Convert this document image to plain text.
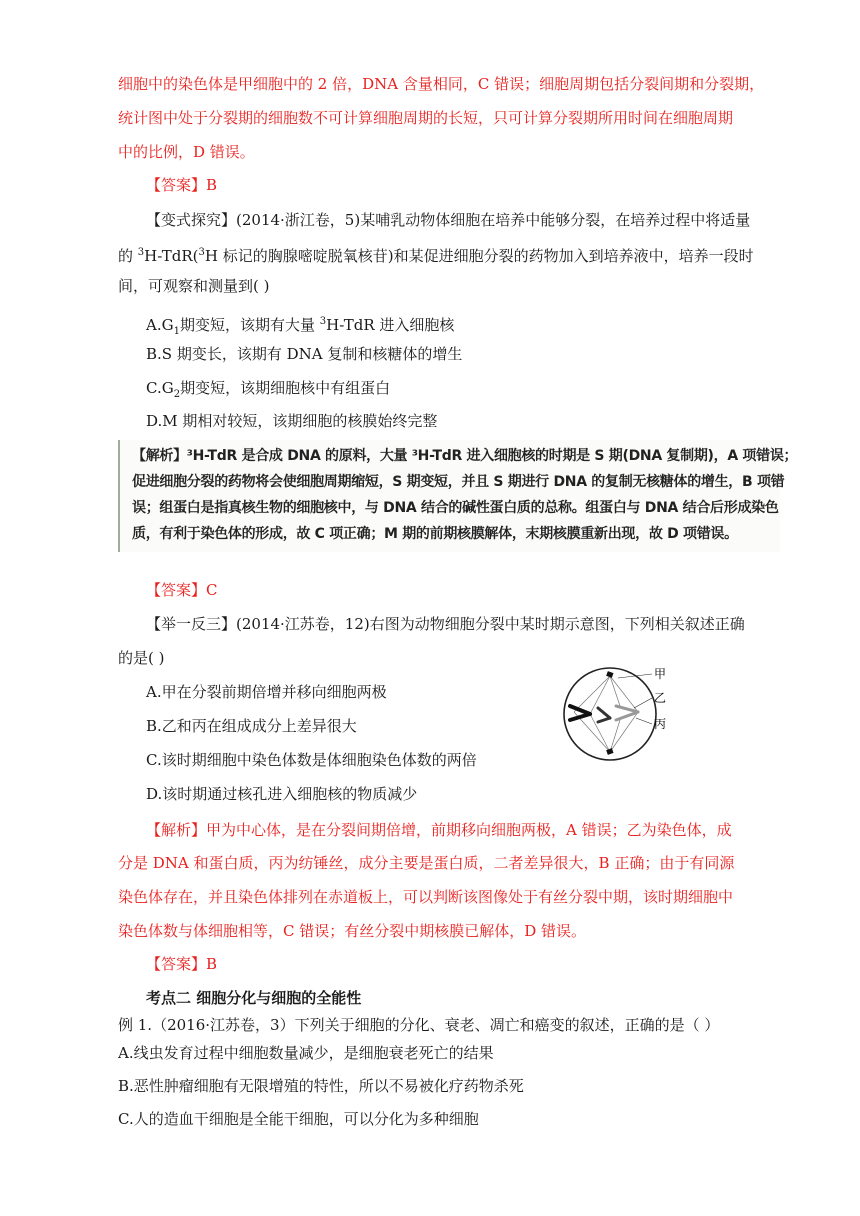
细胞中的染色体是甲细胞中的 2 倍，DNA 含量相同，C 错误；细胞周期包括分裂间期和分裂期，
统计图中处于分裂期的细胞数不可计算细胞周期的长短，只可计算分裂期所用时间在细胞周期
中的比例，D 错误。
【答案】B
【变式探究】(2014·浙江卷，5)某哺乳动物体细胞在培养中能够分裂，在培养过程中将适量
的 $^3$H-TdR($^3$H 标记的胸腺嘧啶脱氧核苷)和某促进细胞分裂的药物加入到培养液中，培养一段时
间，可观察和测量到( )
$A.G_1$期变短，该期有大量 $^3$H-TdR 进入细胞核
B.S 期变长，该期有 DNA 复制和核糖体的增生
$C.G_2$期变短，该期细胞核中有组蛋白
D.M 期相对较短，该期细胞的核膜始终完整
【解析】³H-TdR 是合成 DNA 的原料，大量 ³H-TdR 进入细胞核的时期是 S 期(DNA 复制期)，A 项错误；
促进细胞分裂的药物将会使细胞周期缩短，S 期变短，并且 S 期进行 DNA 的复制无核糖体的增生，B 项错
误；组蛋白是指真核生物的细胞核中，与 DNA 结合的碱性蛋白质的总称。组蛋白与 DNA 结合后形成染色
质，有利于染色体的形成，故 C 项正确；M 期的前期核膜解体，末期核膜重新出现，故 D 项错误。
【答案】C
【举一反三】(2014·江苏卷，12)右图为动物细胞分裂中某时期示意图，下列相关叙述正确
的是( )
A.甲在分裂前期倍增并移向细胞两极
B.乙和丙在组成成分上差异很大
C.该时期细胞中染色体数是体细胞染色体数的两倍
D.该时期通过核孔进入细胞核的物质减少
甲
乙
丙
【解析】甲为中心体，是在分裂间期倍增，前期移向细胞两极，A 错误；乙为染色体，成
分是 DNA 和蛋白质，丙为纺锤丝，成分主要是蛋白质，二者差异很大，B 正确；由于有同源
染色体存在，并且染色体排列在赤道板上，可以判断该图像处于有丝分裂中期，该时期细胞中
染色体数与体细胞相等，C 错误；有丝分裂中期核膜已解体，D 错误。
【答案】B
考点二 细胞分化与细胞的全能性
例 1.（2016·江苏卷，3）下列关于细胞的分化、衰老、凋亡和癌变的叙述，正确的是（ ）
A.线虫发育过程中细胞数量减少，是细胞衰老死亡的结果
B.恶性肿瘤细胞有无限增殖的特性，所以不易被化疗药物杀死
C.人的造血干细胞是全能干细胞，可以分化为多种细胞
